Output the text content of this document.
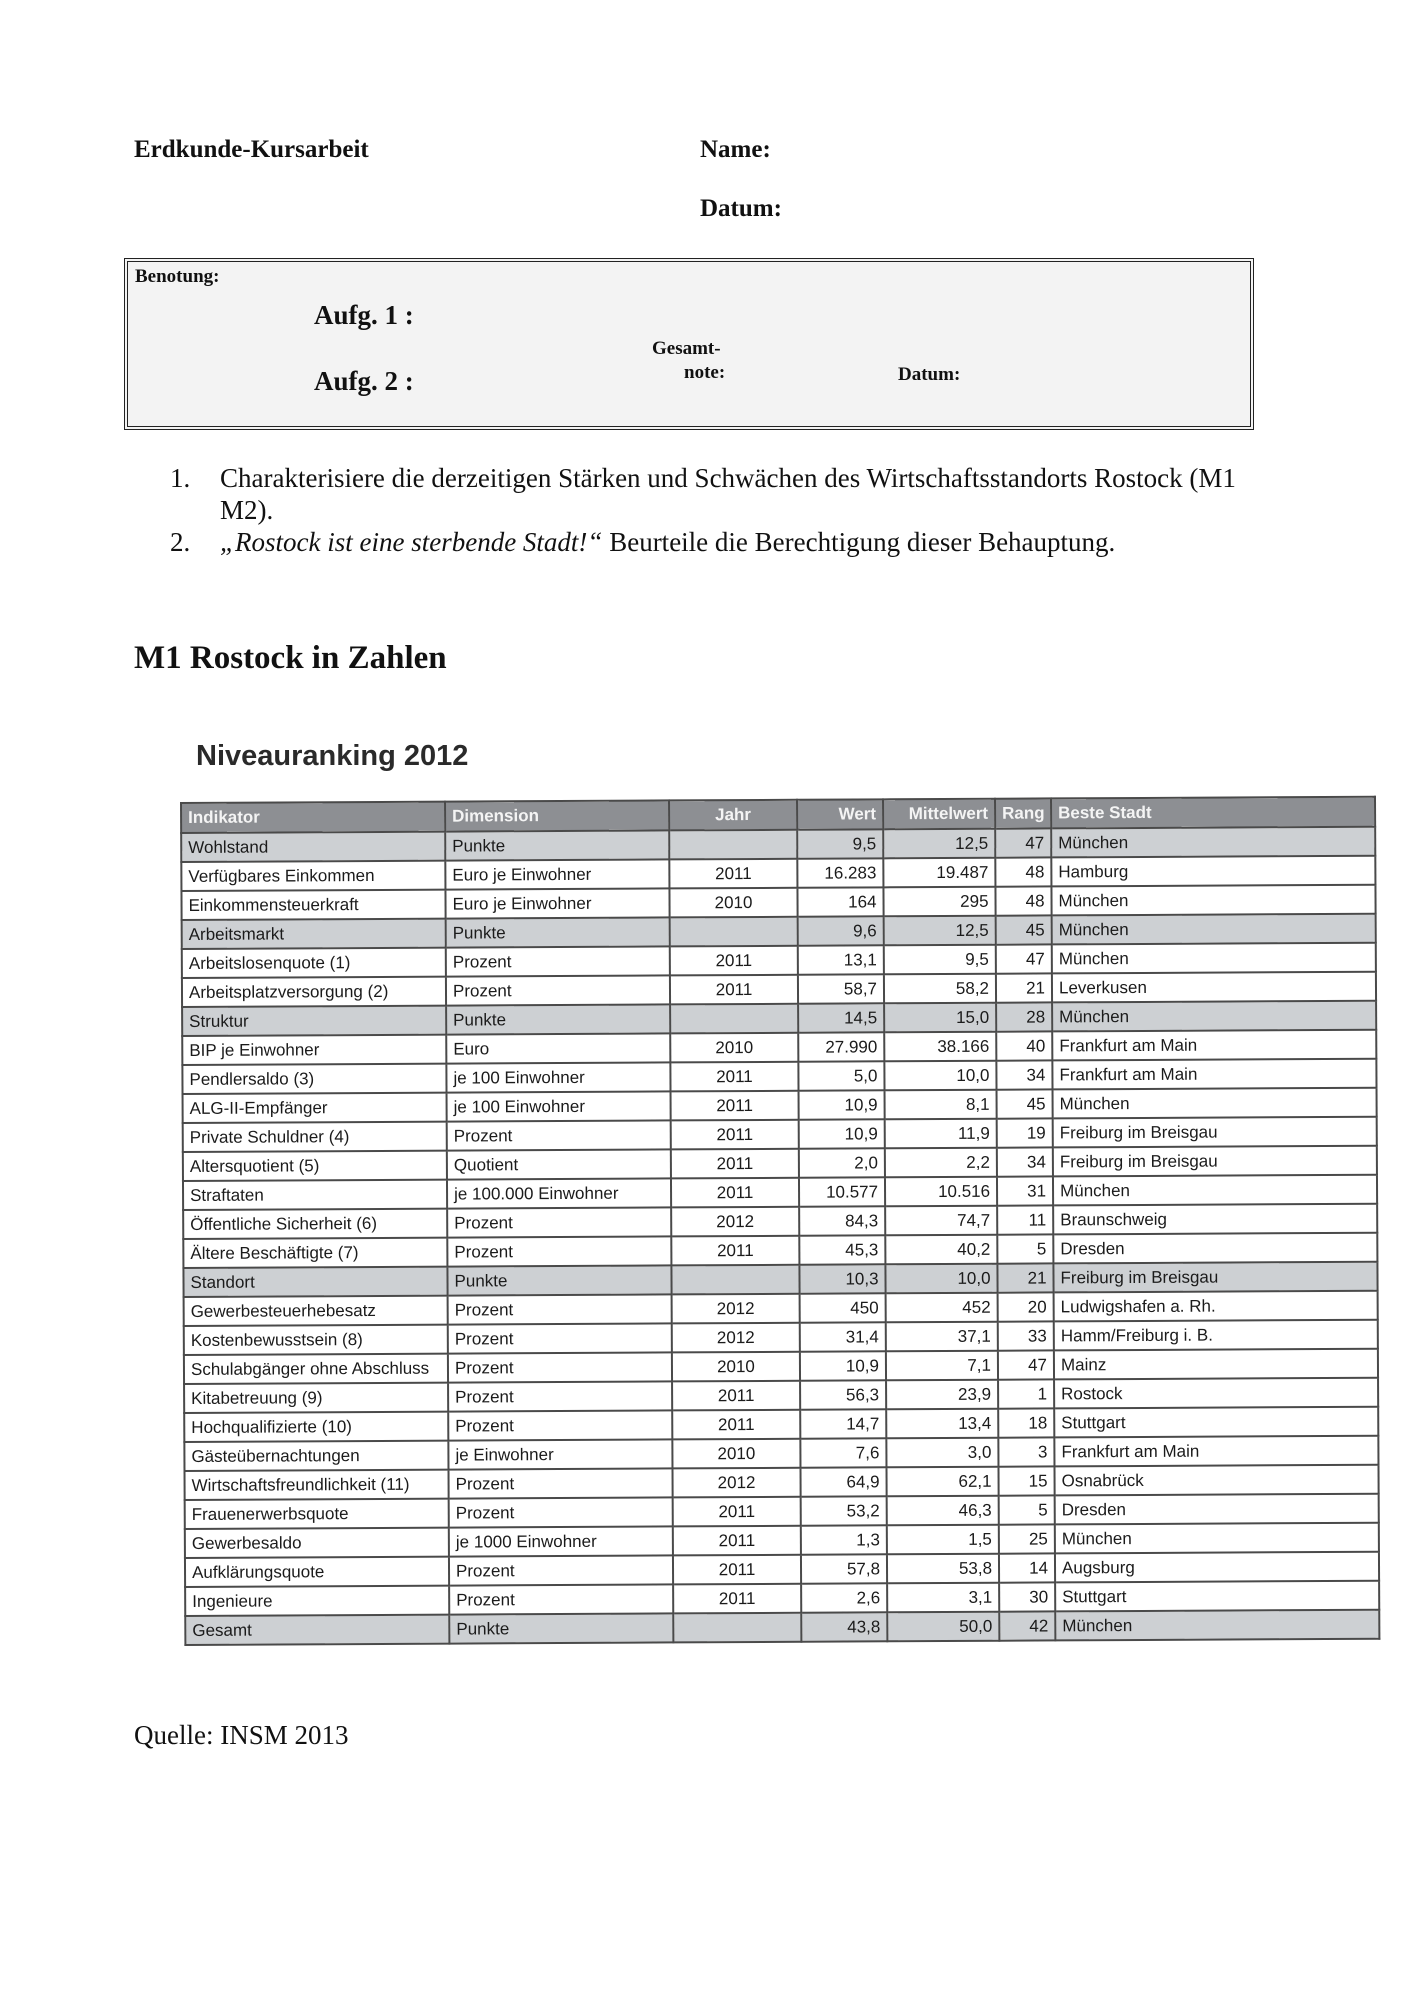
Erdkunde-Kursarbeit	Name:
Datum:
Benotung:
Aufg. 1 :
Aufg. 2 :
Gesamt-
note:	Datum:
1. Charakterisiere die derzeitigen Stärken und Schwächen des Wirtschaftsstandorts Rostock (M1 M2).
2. „Rostock ist eine sterbende Stadt!“ Beurteile die Berechtigung dieser Behauptung.
M1 Rostock in Zahlen
Niveauranking 2012
Indikator	Dimension	Jahr	Wert	Mittelwert	Rang	Beste Stadt
Wohlstand	Punkte		9,5	12,5	47	München
Verfügbares Einkommen	Euro je Einwohner	2011	16.283	19.487	48	Hamburg
Einkommensteuerkraft	Euro je Einwohner	2010	164	295	48	München
Arbeitsmarkt	Punkte		9,6	12,5	45	München
Arbeitslosenquote (1)	Prozent	2011	13,1	9,5	47	München
Arbeitsplatzversorgung (2)	Prozent	2011	58,7	58,2	21	Leverkusen
Struktur	Punkte		14,5	15,0	28	München
BIP je Einwohner	Euro	2010	27.990	38.166	40	Frankfurt am Main
Pendlersaldo (3)	je 100 Einwohner	2011	5,0	10,0	34	Frankfurt am Main
ALG-II-Empfänger	je 100 Einwohner	2011	10,9	8,1	45	München
Private Schuldner (4)	Prozent	2011	10,9	11,9	19	Freiburg im Breisgau
Altersquotient (5)	Quotient	2011	2,0	2,2	34	Freiburg im Breisgau
Straftaten	je 100.000 Einwohner	2011	10.577	10.516	31	München
Öffentliche Sicherheit (6)	Prozent	2012	84,3	74,7	11	Braunschweig
Ältere Beschäftigte (7)	Prozent	2011	45,3	40,2	5	Dresden
Standort	Punkte		10,3	10,0	21	Freiburg im Breisgau
Gewerbesteuerhebesatz	Prozent	2012	450	452	20	Ludwigshafen a. Rh.
Kostenbewusstsein (8)	Prozent	2012	31,4	37,1	33	Hamm/Freiburg i. B.
Schulabgänger ohne Abschluss	Prozent	2010	10,9	7,1	47	Mainz
Kitabetreuung (9)	Prozent	2011	56,3	23,9	1	Rostock
Hochqualifizierte (10)	Prozent	2011	14,7	13,4	18	Stuttgart
Gästeübernachtungen	je Einwohner	2010	7,6	3,0	3	Frankfurt am Main
Wirtschaftsfreundlichkeit (11)	Prozent	2012	64,9	62,1	15	Osnabrück
Frauenerwerbsquote	Prozent	2011	53,2	46,3	5	Dresden
Gewerbesaldo	je 1000 Einwohner	2011	1,3	1,5	25	München
Aufklärungsquote	Prozent	2011	57,8	53,8	14	Augsburg
Ingenieure	Prozent	2011	2,6	3,1	30	Stuttgart
Gesamt	Punkte		43,8	50,0	42	München
Quelle: INSM 2013
